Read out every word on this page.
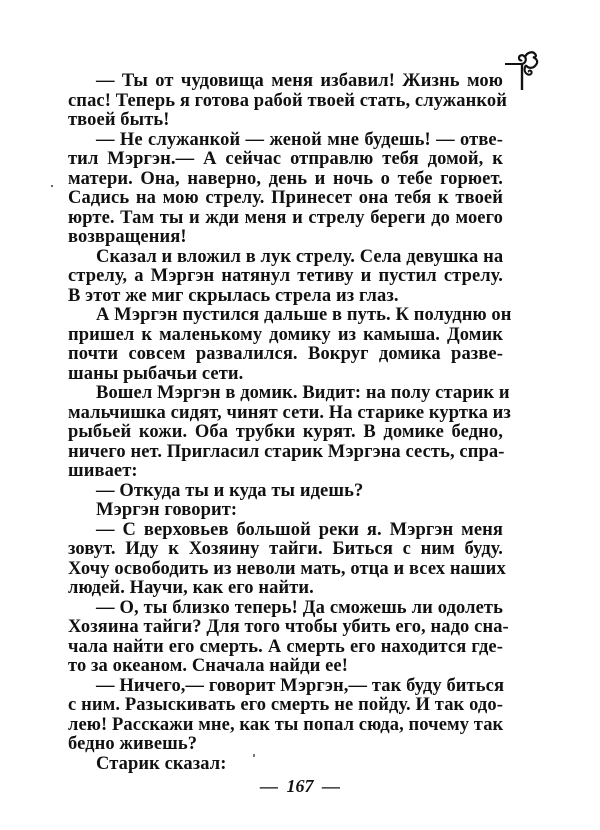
— Ты от чудовища меня избавил! Жизнь мою
спас! Теперь я готова рабой твоей стать, служанкой
твоей быть!
— Не служанкой — женой мне будешь! — отве-
тил Мэргэн.— А сейчас отправлю тебя домой, к
матери. Она, наверно, день и ночь о тебе горюет.
Садись на мою стрелу. Принесет она тебя к твоей
юрте. Там ты и жди меня и стрелу береги до моего
возвращения!
Сказал и вложил в лук стрелу. Села девушка на
стрелу, а Мэргэн натянул тетиву и пустил стрелу.
В этот же миг скрылась стрела из глаз.
А Мэргэн пустился дальше в путь. К полудню он
пришел к маленькому домику из камыша. Домик
почти совсем развалился. Вокруг домика разве-
шаны рыбачьи сети.
Вошел Мэргэн в домик. Видит: на полу старик и
мальчишка сидят, чинят сети. На старике куртка из
рыбьей кожи. Оба трубки курят. В домике бедно,
ничего нет. Пригласил старик Мэргэна сесть, спра-
шивает:
— Откуда ты и куда ты идешь?
Мэргэн говорит:
— С верховьев большой реки я. Мэргэн меня
зовут. Иду к Хозяину тайги. Биться с ним буду.
Хочу освободить из неволи мать, отца и всех наших
людей. Научи, как его найти.
— О, ты близко теперь! Да сможешь ли одолеть
Хозяина тайги? Для того чтобы убить его, надо сна-
чала найти его смерть. А смерть его находится где-
то за океаном. Сначала найди ее!
— Ничего,— говорит Мэргэн,— так буду биться
с ним. Разыскивать его смерть не пойду. И так одо-
лею! Расскажи мне, как ты попал сюда, почему так
бедно живешь?
Старик сказал:
— 167 —
